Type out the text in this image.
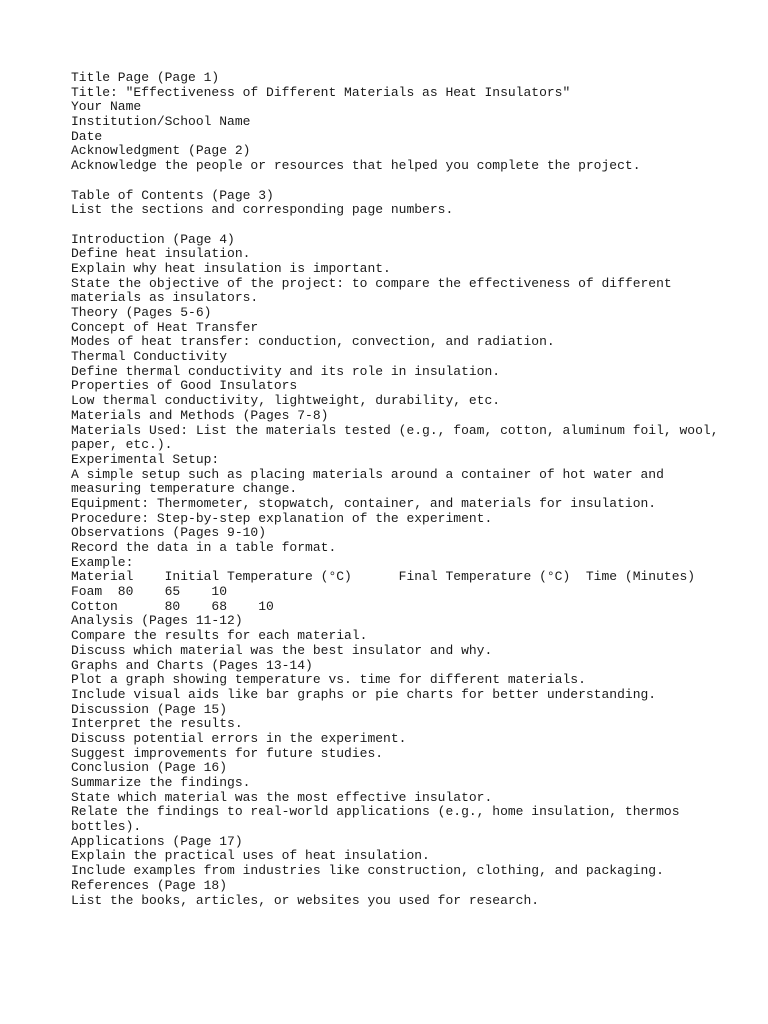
Title Page (Page 1)
Title: "Effectiveness of Different Materials as Heat Insulators"
Your Name
Institution/School Name
Date
Acknowledgment (Page 2)
Acknowledge the people or resources that helped you complete the project.
Table of Contents (Page 3)
List the sections and corresponding page numbers.
Introduction (Page 4)
Define heat insulation.
Explain why heat insulation is important.
State the objective of the project: to compare the effectiveness of different
materials as insulators.
Theory (Pages 5-6)
Concept of Heat Transfer
Modes of heat transfer: conduction, convection, and radiation.
Thermal Conductivity
Define thermal conductivity and its role in insulation.
Properties of Good Insulators
Low thermal conductivity, lightweight, durability, etc.
Materials and Methods (Pages 7-8)
Materials Used: List the materials tested (e.g., foam, cotton, aluminum foil, wool,
paper, etc.).
Experimental Setup:
A simple setup such as placing materials around a container of hot water and
measuring temperature change.
Equipment: Thermometer, stopwatch, container, and materials for insulation.
Procedure: Step-by-step explanation of the experiment.
Observations (Pages 9-10)
Record the data in a table format.
Example:
Material    Initial Temperature (°C)      Final Temperature (°C)  Time (Minutes)
Foam  80    65    10
Cotton      80    68    10
Analysis (Pages 11-12)
Compare the results for each material.
Discuss which material was the best insulator and why.
Graphs and Charts (Pages 13-14)
Plot a graph showing temperature vs. time for different materials.
Include visual aids like bar graphs or pie charts for better understanding.
Discussion (Page 15)
Interpret the results.
Discuss potential errors in the experiment.
Suggest improvements for future studies.
Conclusion (Page 16)
Summarize the findings.
State which material was the most effective insulator.
Relate the findings to real-world applications (e.g., home insulation, thermos
bottles).
Applications (Page 17)
Explain the practical uses of heat insulation.
Include examples from industries like construction, clothing, and packaging.
References (Page 18)
List the books, articles, or websites you used for research.
